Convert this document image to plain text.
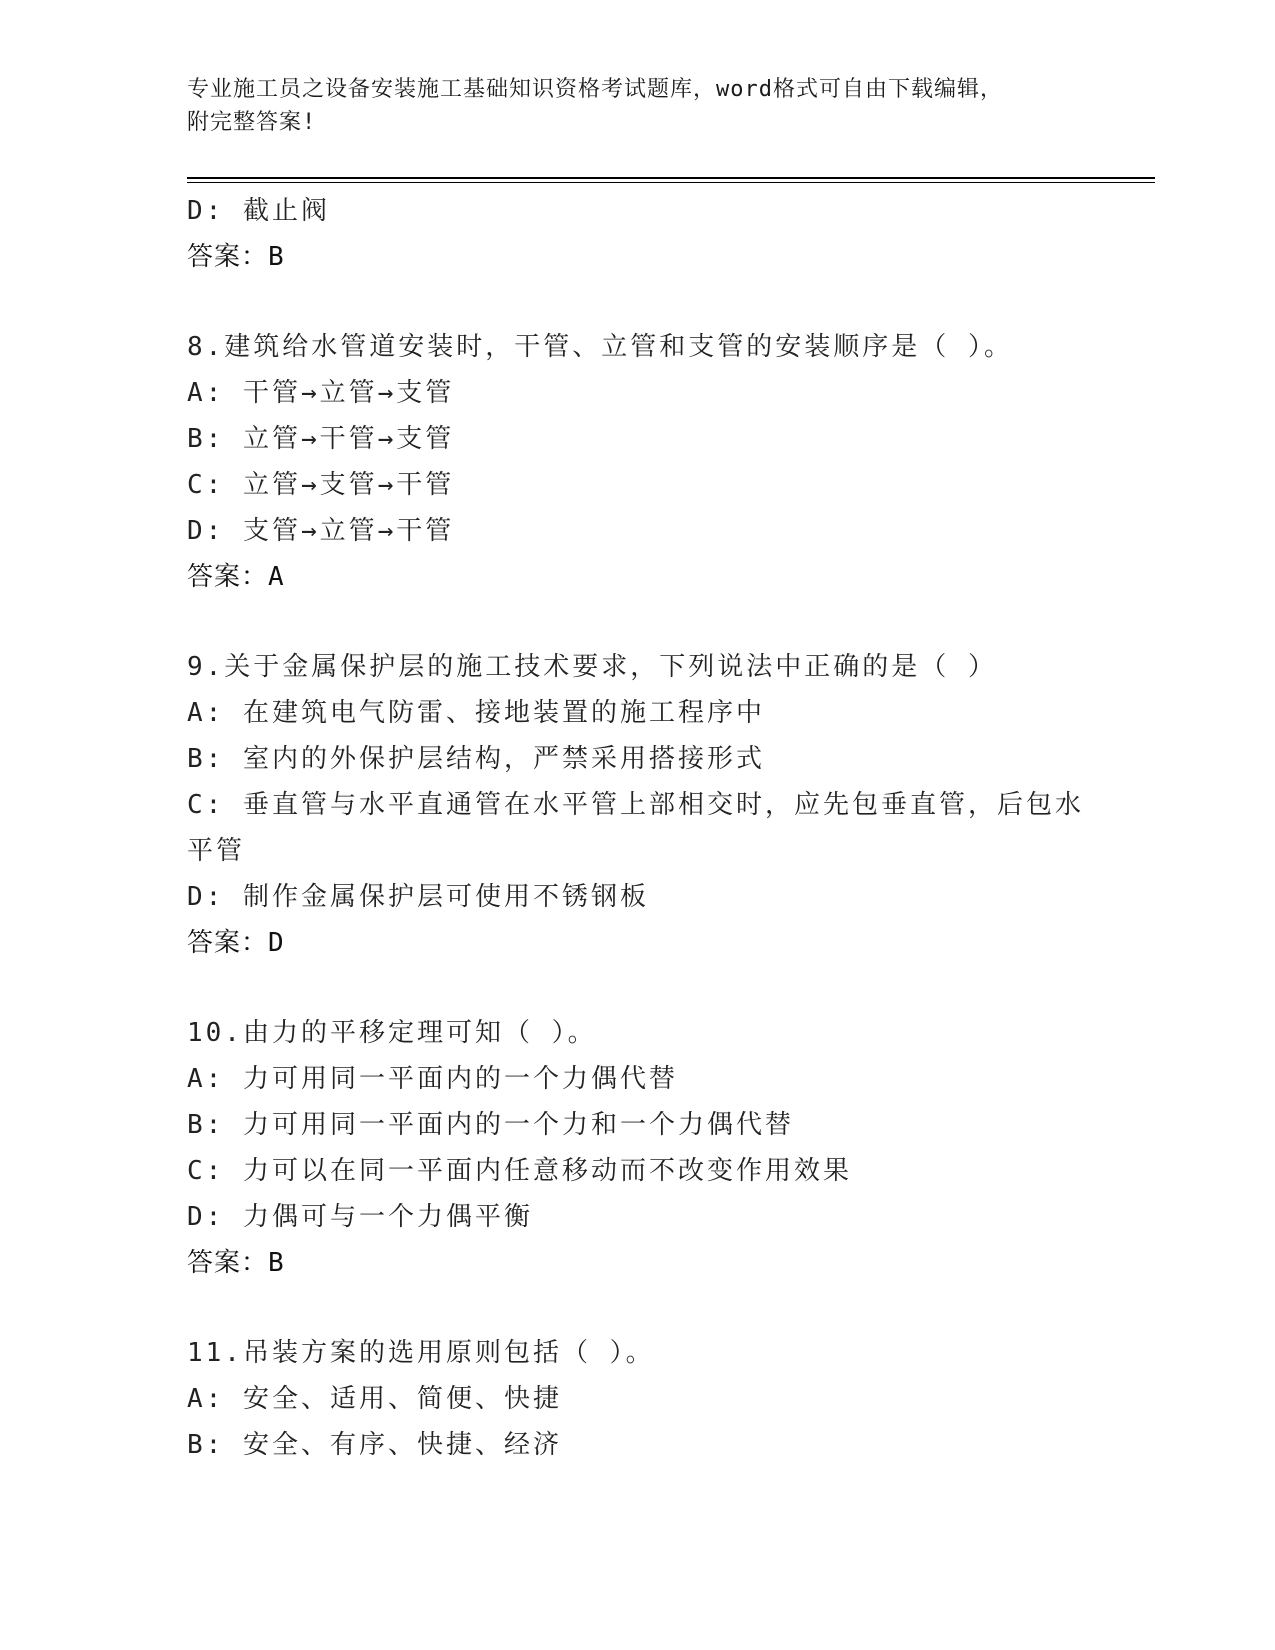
专业施工员之设备安装施工基础知识资格考试题库，word格式可自由下载编辑，
附完整答案!
D: 截止阀
答案：B
8.建筑给水管道安装时，干管、立管和支管的安装顺序是（ ）。
A: 干管→立管→支管
B: 立管→干管→支管
C: 立管→支管→干管
D: 支管→立管→干管
答案：A
9.关于金属保护层的施工技术要求，下列说法中正确的是（ ）
A: 在建筑电气防雷、接地装置的施工程序中
B: 室内的外保护层结构，严禁采用搭接形式
C: 垂直管与水平直通管在水平管上部相交时，应先包垂直管，后包水平管
D: 制作金属保护层可使用不锈钢板
答案：D
10.由力的平移定理可知（ ）。
A: 力可用同一平面内的一个力偶代替
B: 力可用同一平面内的一个力和一个力偶代替
C: 力可以在同一平面内任意移动而不改变作用效果
D: 力偶可与一个力偶平衡
答案：B
11.吊装方案的选用原则包括（ ）。
A: 安全、适用、简便、快捷
B: 安全、有序、快捷、经济
